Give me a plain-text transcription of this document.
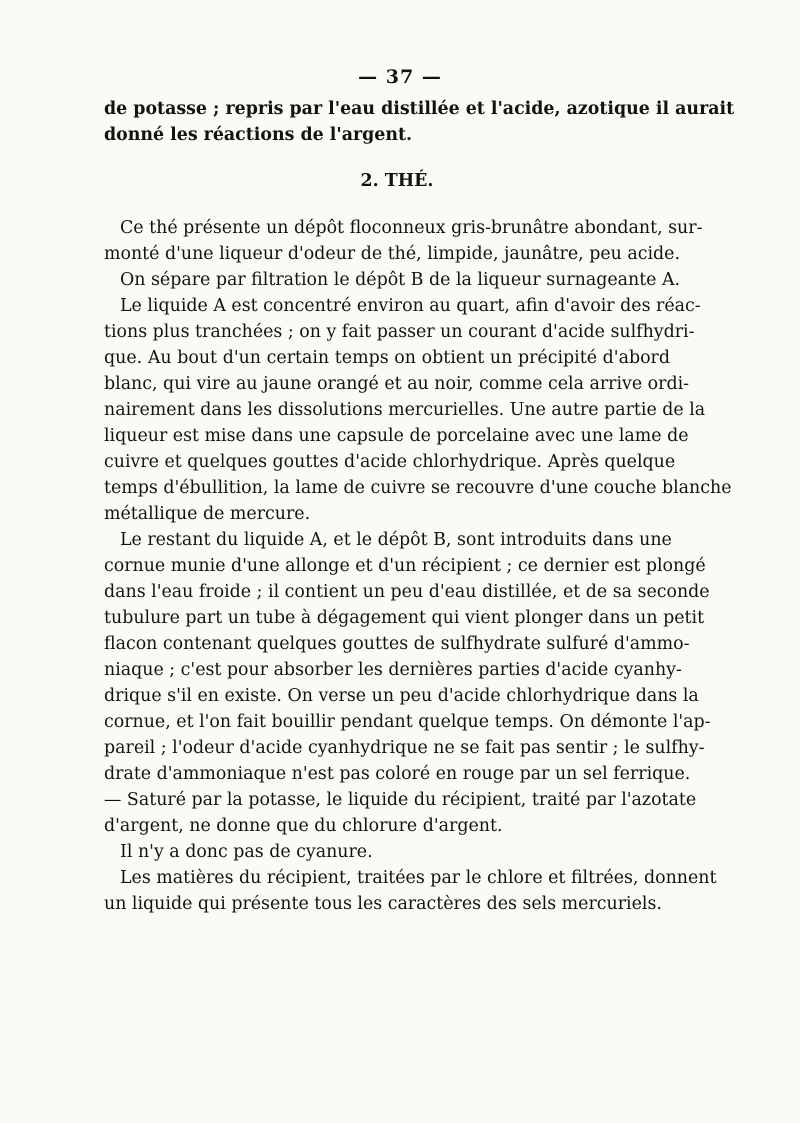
— 37 —
de potasse ; repris par l'eau distillée et l'acide, azotique il aurait
donné les réactions de l'argent.
2. THÉ.
Ce thé présente un dépôt floconneux gris-brunâtre abondant, sur-
monté d'une liqueur d'odeur de thé, limpide, jaunâtre, peu acide.
On sépare par filtration le dépôt B de la liqueur surnageante A.
Le liquide A est concentré environ au quart, afin d'avoir des réac-
tions plus tranchées ; on y fait passer un courant d'acide sulfhydri-
que. Au bout d'un certain temps on obtient un précipité d'abord
blanc, qui vire au jaune orangé et au noir, comme cela arrive ordi-
nairement dans les dissolutions mercurielles. Une autre partie de la
liqueur est mise dans une capsule de porcelaine avec une lame de
cuivre et quelques gouttes d'acide chlorhydrique. Après quelque
temps d'ébullition, la lame de cuivre se recouvre d'une couche blanche
métallique de mercure.
Le restant du liquide A, et le dépôt B, sont introduits dans une
cornue munie d'une allonge et d'un récipient ; ce dernier est plongé
dans l'eau froide ; il contient un peu d'eau distillée, et de sa seconde
tubulure part un tube à dégagement qui vient plonger dans un petit
flacon contenant quelques gouttes de sulfhydrate sulfuré d'ammo-
niaque ; c'est pour absorber les dernières parties d'acide cyanhy-
drique s'il en existe. On verse un peu d'acide chlorhydrique dans la
cornue, et l'on fait bouillir pendant quelque temps. On démonte l'ap-
pareil ; l'odeur d'acide cyanhydrique ne se fait pas sentir ; le sulfhy-
drate d'ammoniaque n'est pas coloré en rouge par un sel ferrique.
— Saturé par la potasse, le liquide du récipient, traité par l'azotate
d'argent, ne donne que du chlorure d'argent.
Il n'y a donc pas de cyanure.
Les matières du récipient, traitées par le chlore et filtrées, donnent
un liquide qui présente tous les caractères des sels mercuriels.
